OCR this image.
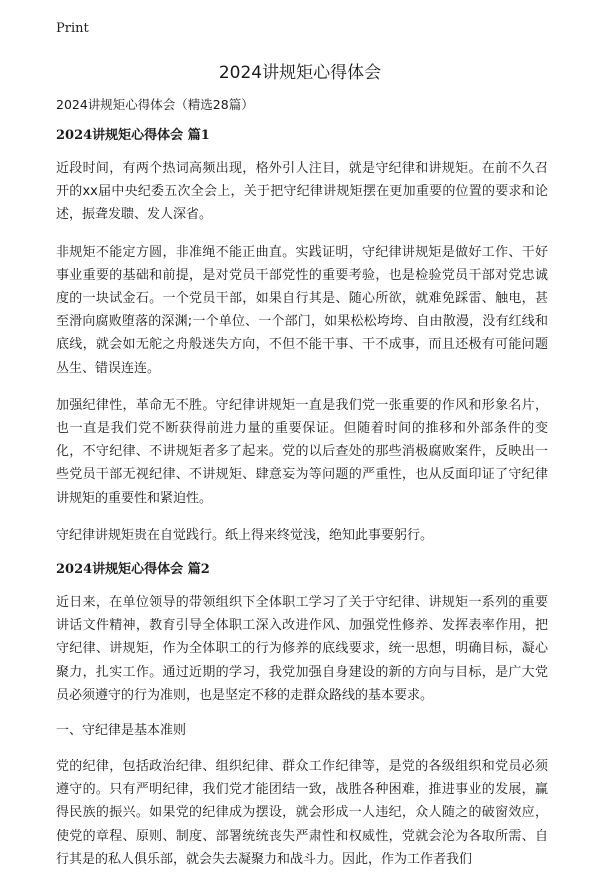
Print
2024讲规矩心得体会

2024讲规矩心得体会（精选28篇）

2024讲规矩心得体会 篇1

近段时间，有两个热词高频出现，格外引人注目，就是守纪律和讲规矩。在前不久召开的xx届中央纪委五次全会上，关于把守纪律讲规矩摆在更加重要的位置的要求和论述，振聋发聩、发人深省。

非规矩不能定方圆，非准绳不能正曲直。实践证明，守纪律讲规矩是做好工作、干好事业重要的基础和前提，是对党员干部党性的重要考验，也是检验党员干部对党忠诚度的一块试金石。一个党员干部，如果自行其是、随心所欲，就难免踩雷、触电，甚至滑向腐败堕落的深渊;一个单位、一个部门，如果松松垮垮、自由散漫，没有红线和底线，就会如无舵之舟般迷失方向，不但不能干事、干不成事，而且还极有可能问题丛生、错误连连。

加强纪律性，革命无不胜。守纪律讲规矩一直是我们党一张重要的作风和形象名片，也一直是我们党不断获得前进力量的重要保证。但随着时间的推移和外部条件的变化，不守纪律、不讲规矩者多了起来。党的以后查处的那些消极腐败案件，反映出一些党员干部无视纪律、不讲规矩、肆意妄为等问题的严重性，也从反面印证了守纪律讲规矩的重要性和紧迫性。

守纪律讲规矩贵在自觉践行。纸上得来终觉浅，绝知此事要躬行。

2024讲规矩心得体会 篇2

近日来，在单位领导的带领组织下全体职工学习了关于守纪律、讲规矩一系列的重要讲话文件精神，教育引导全体职工深入改进作风、加强党性修养、发挥表率作用，把守纪律、讲规矩，作为全体职工的行为修养的底线要求，统一思想，明确目标，凝心聚力，扎实工作。通过近期的学习，我党加强自身建设的新的方向与目标，是广大党员必须遵守的行为准则，也是坚定不移的走群众路线的基本要求。

一、守纪律是基本准则

党的纪律，包括政治纪律、组织纪律、群众工作纪律等，是党的各级组织和党员必须遵守的。只有严明纪律，我们党才能团结一致，战胜各种困难，推进事业的发展，赢得民族的振兴。如果党的纪律成为摆设，就会形成一人违纪，众人随之的破窗效应，使党的章程、原则、制度、部署统统丧失严肃性和权威性，党就会沦为各取所需、自行其是的私人俱乐部，就会失去凝聚力和战斗力。因此，作为工作者我们
